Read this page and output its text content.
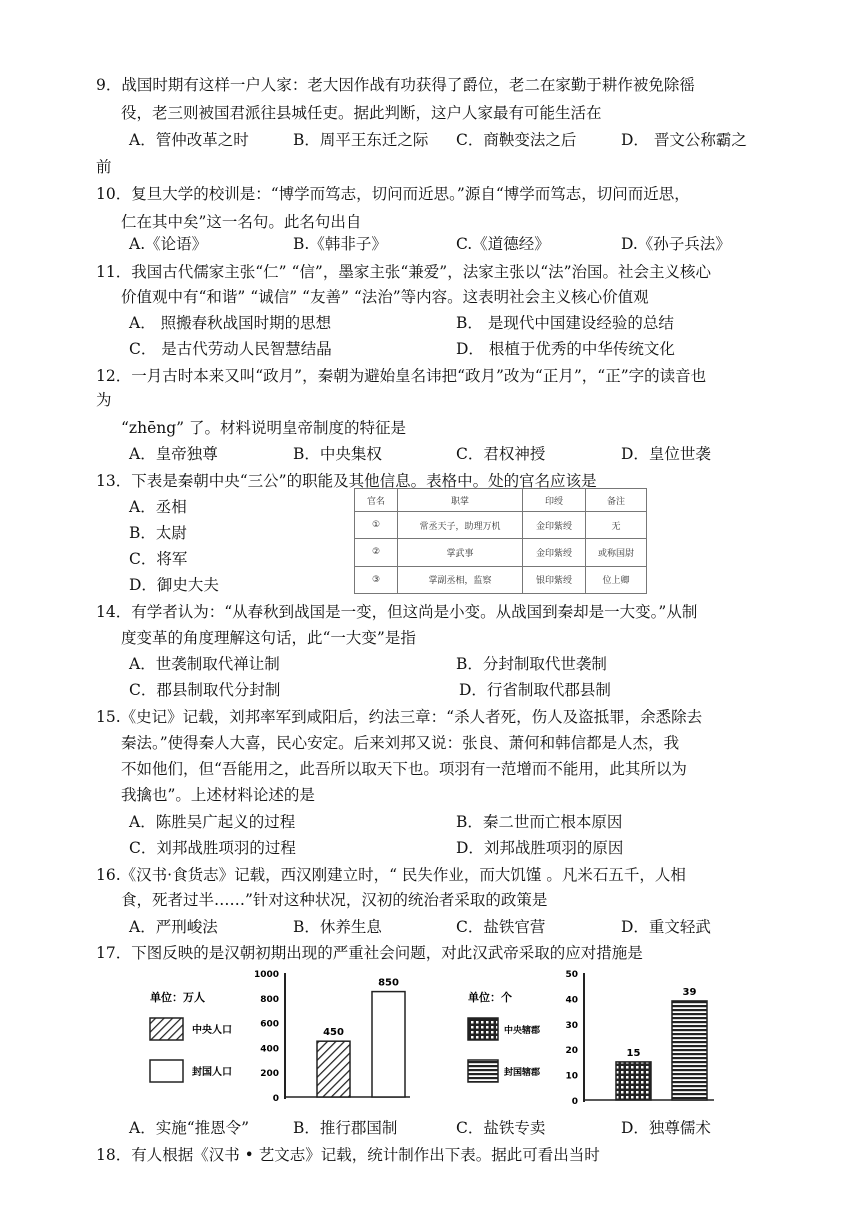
9．战国时期有这样一户人家：老大因作战有功获得了爵位，老二在家勤于耕作被免除徭
役，老三则被国君派往县城任吏。据此判断，这户人家最有可能生活在
A．管仲改革之时	B．周平王东迁之际 C．商鞅变法之后	D． 晋文公称霸之
前
10．复旦大学的校训是：“博学而笃志，切问而近思。”源自“博学而笃志，切问而近思，
仁在其中矣”这一名句。此名句出自
A.《论语》	B.《韩非子》	C.《道德经》	D.《孙子兵法》
11．我国古代儒家主张“仁” “信”，墨家主张“兼爱”，法家主张以“法”治国。社会主义核心
价值观中有“和谐” “诚信” “友善” “法治”等内容。这表明社会主义核心价值观
A． 照搬春秋战国时期的思想	B． 是现代中国建设经验的总结
C． 是古代劳动人民智慧结晶	D． 根植于优秀的中华传统文化
12．一月古时本来又叫“政月”，秦朝为避始皇名讳把“政月”改为“正月”，“正”字的读音也
为
“zhēng” 了。材料说明皇帝制度的特征是
A．皇帝独尊	B．中央集权	C．君权神授	D．皇位世袭
13．下表是秦朝中央“三公”的职能及其他信息。表格中。处的官名应该是
A．丞相
B．太尉
C．将军
D．御史大夫
官名	职掌	印绶	备注
①	常丞天子，助理万机	金印紫绶	无
②	掌武事	金印紫绶	或称国尉
③	掌副丞相，监察	银印紫绶	位上卿
14．有学者认为：“从春秋到战国是一变，但这尚是小变。从战国到秦却是一大变。”从制
度变革的角度理解这句话，此“一大变”是指
A．世袭制取代禅让制	B．分封制取代世袭制
C．郡县制取代分封制	D．行省制取代郡县制
15.《史记》记载，刘邦率军到咸阳后，约法三章：“杀人者死，伤人及盗抵罪，余悉除去
秦法。”使得秦人大喜，民心安定。后来刘邦又说：张良、萧何和韩信都是人杰，我
不如他们，但“吾能用之，此吾所以取天下也。项羽有一范增而不能用，此其所以为
我擒也”。上述材料论述的是
A．陈胜吴广起义的过程	B．秦二世而亡根本原因
C．刘邦战胜项羽的过程	D．刘邦战胜项羽的原因
16.《汉书·食货志》记载，西汉刚建立时，“ 民失作业，而大饥馑 。凡米石五千，人相
食，死者过半……”针对这种状况，汉初的统治者采取的政策是
A．严刑峻法	B．休养生息	C．盐铁官营	D．重文轻武
17．下图反映的是汉朝初期出现的严重社会问题，对此汉武帝采取的应对措施是
单位：万人
中央人口
封国人口
0
200
400
600
800
1000
450
850
单位：个
中央辖郡
封国辖郡
0
10
20
30
40
50
15
39
A．实施“推恩令”	B．推行郡国制	C．盐铁专卖	D．独尊儒术
18．有人根据《汉书 • 艺文志》记载，统计制作出下表。据此可看出当时
